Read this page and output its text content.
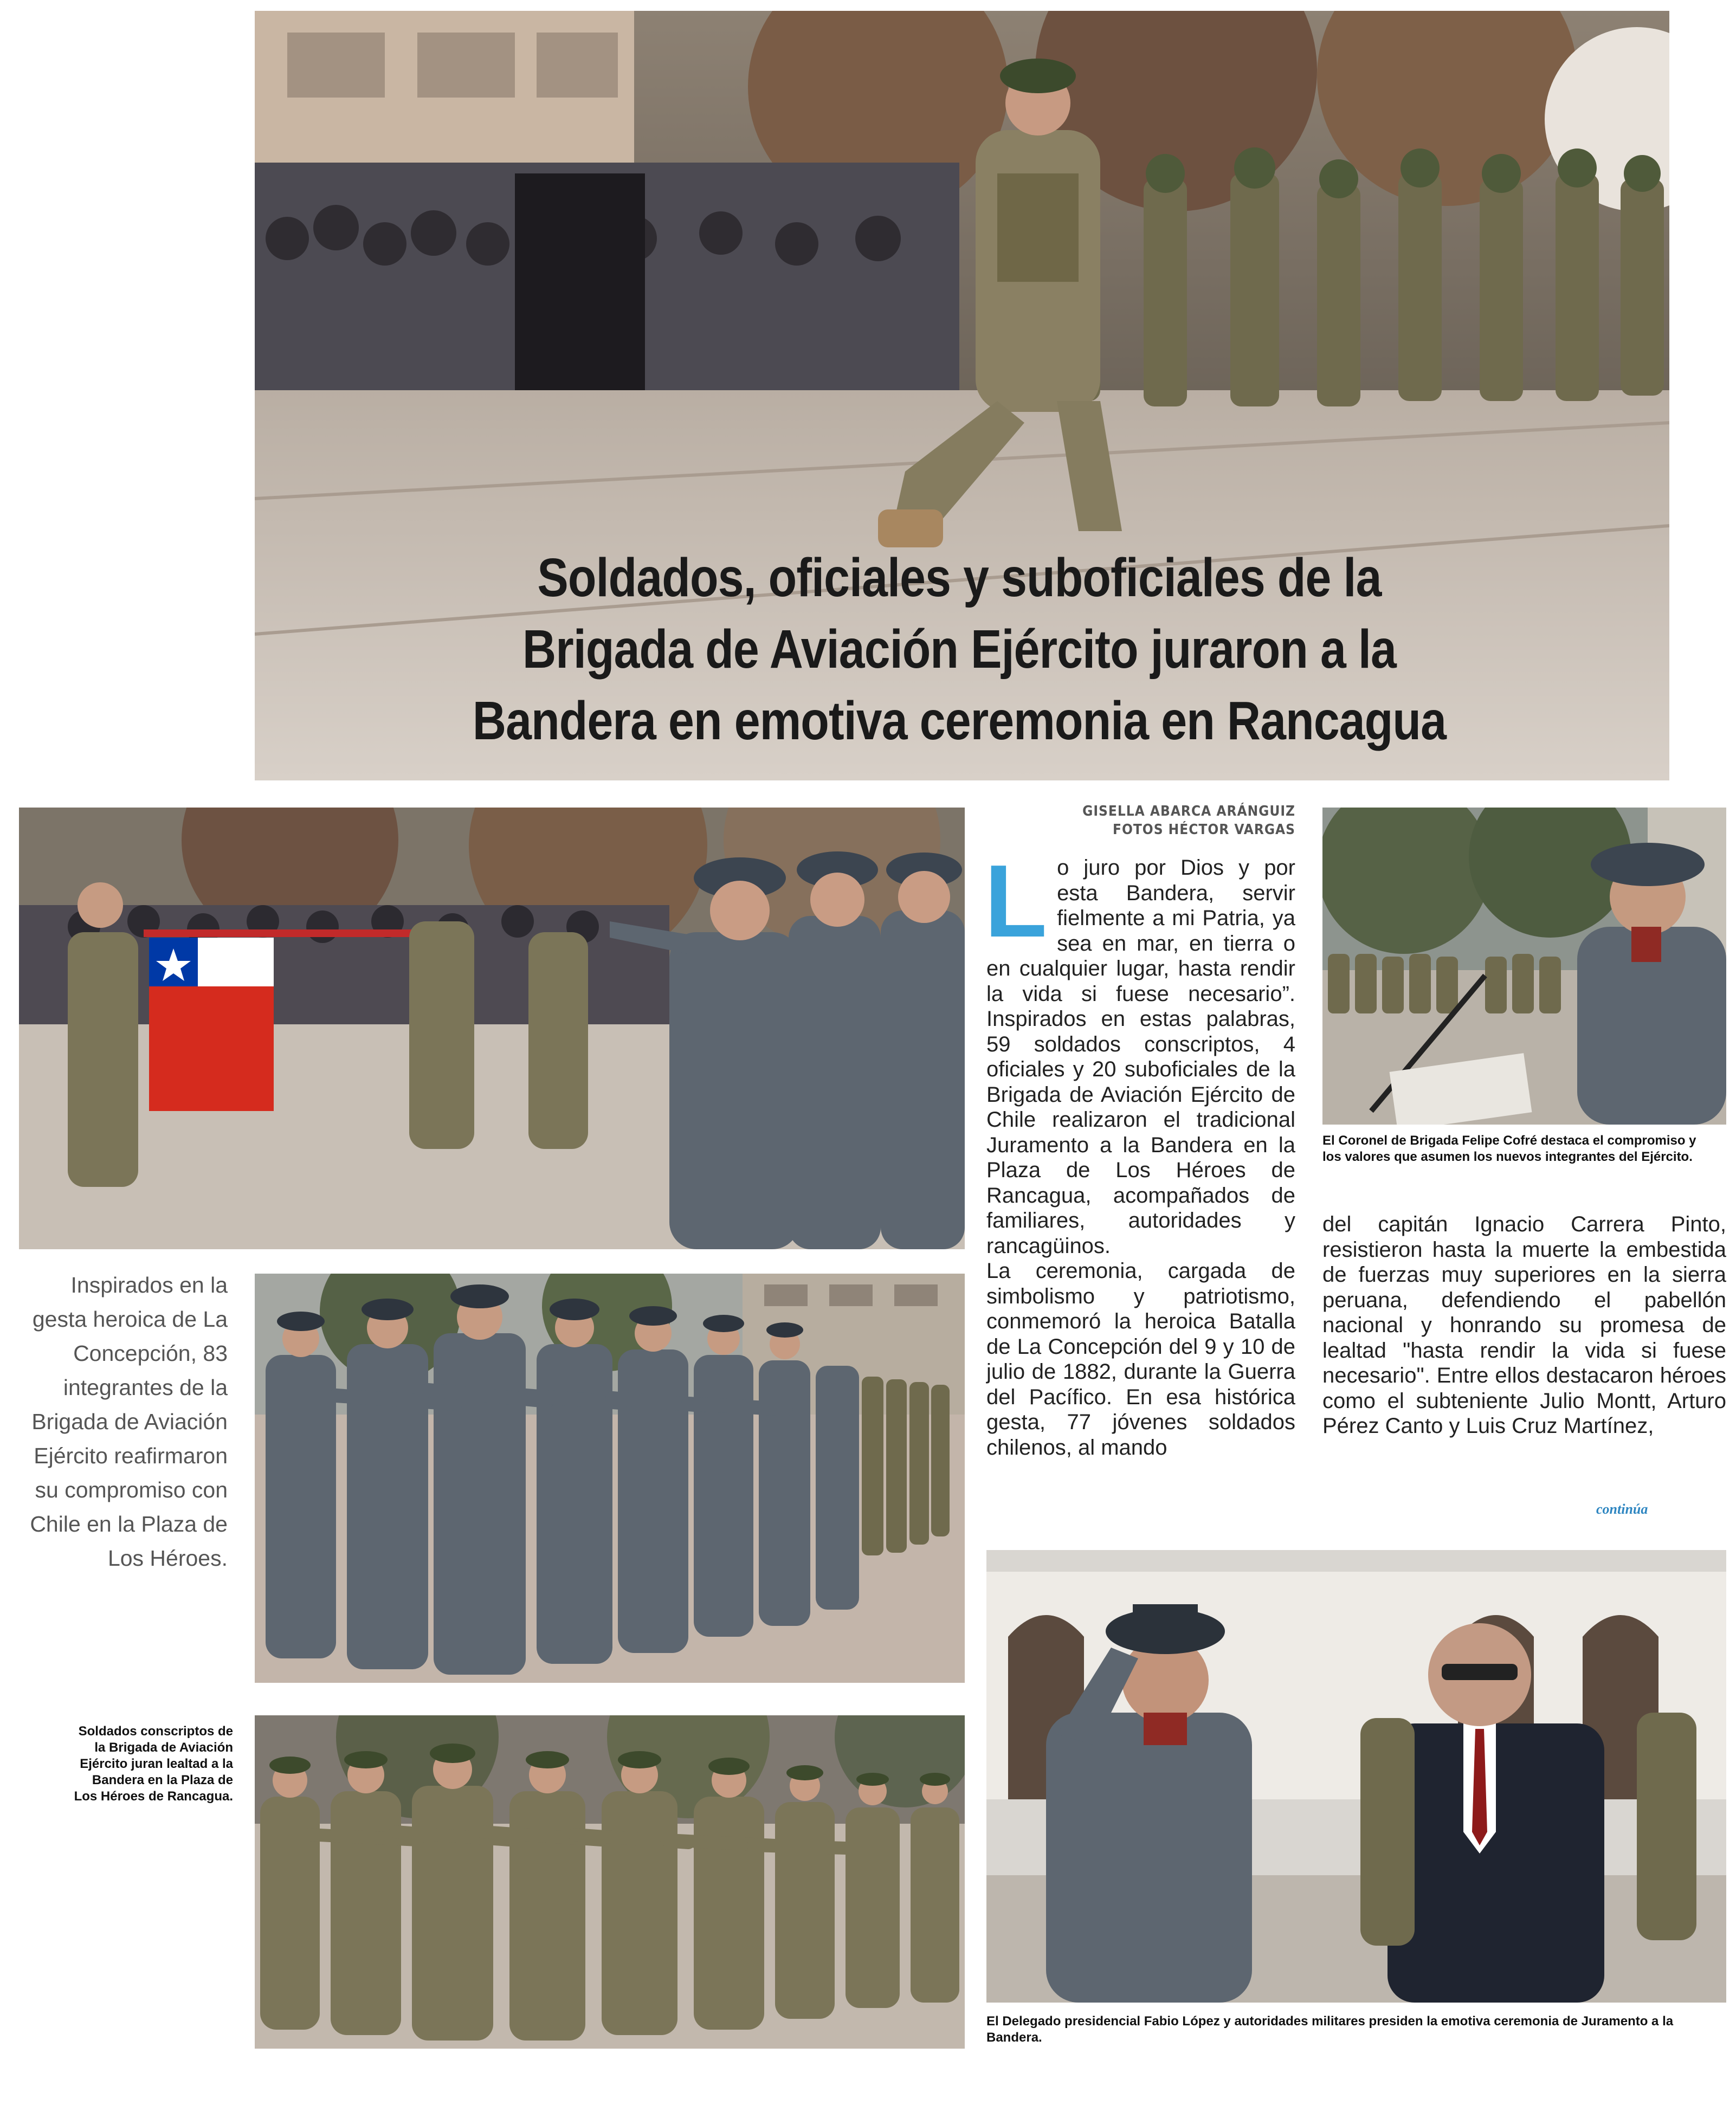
Soldados, oficiales y suboficiales de la
Brigada de Aviación Ejército juraron a la
Bandera en emotiva ceremonia en Rancagua
GISELLA ABARCA ARÁNGUIZ
FOTOS HÉCTOR VARGAS
L o juro por Dios y por esta Bandera, servir fielmente a mi Patria, ya sea en mar, en tierra o en cualquier lugar, hasta rendir la vida si fuese necesario”. Inspirados en estas palabras, 59 soldados conscriptos, 4 oficiales y 20 suboficiales de la Brigada de Aviación Ejército de Chile realizaron el tradicional Juramento a la Bandera en la Plaza de Los Héroes de Rancagua, acompañados de familiares, autoridades y rancagüinos.

La ceremonia, cargada de simbolismo y patriotismo, conmemoró la heroica Batalla de La Concepción del 9 y 10 de julio de 1882, durante la Guerra del Pacífico. En esa histórica gesta, 77 jóvenes soldados chilenos, al mando

El Coronel de Brigada Felipe Cofré destaca el compromiso y los valores que asumen los nuevos integrantes del Ejército.
Inspirados en la gesta heroica de La Concepción, 83 integrantes de la Brigada de Aviación Ejército reafirmaron su compromiso con Chile en la Plaza de Los Héroes.

del capitán Ignacio Carrera Pinto, resistieron hasta la muerte la embestida de fuerzas muy superiores en la sierra peruana, defendiendo el pabellón nacional y honrando su promesa de lealtad "hasta rendir la vida si fuese necesario". Entre ellos destacaron héroes como el subteniente Julio Montt, Arturo Pérez Canto y Luis Cruz Martínez,

continúa
Soldados conscriptos de la Brigada de Aviación Ejército juran lealtad a la Bandera en la Plaza de Los Héroes de Rancagua.
El Delegado presidencial Fabio López y autoridades militares presiden la emotiva ceremonia de Juramento a la Bandera.
